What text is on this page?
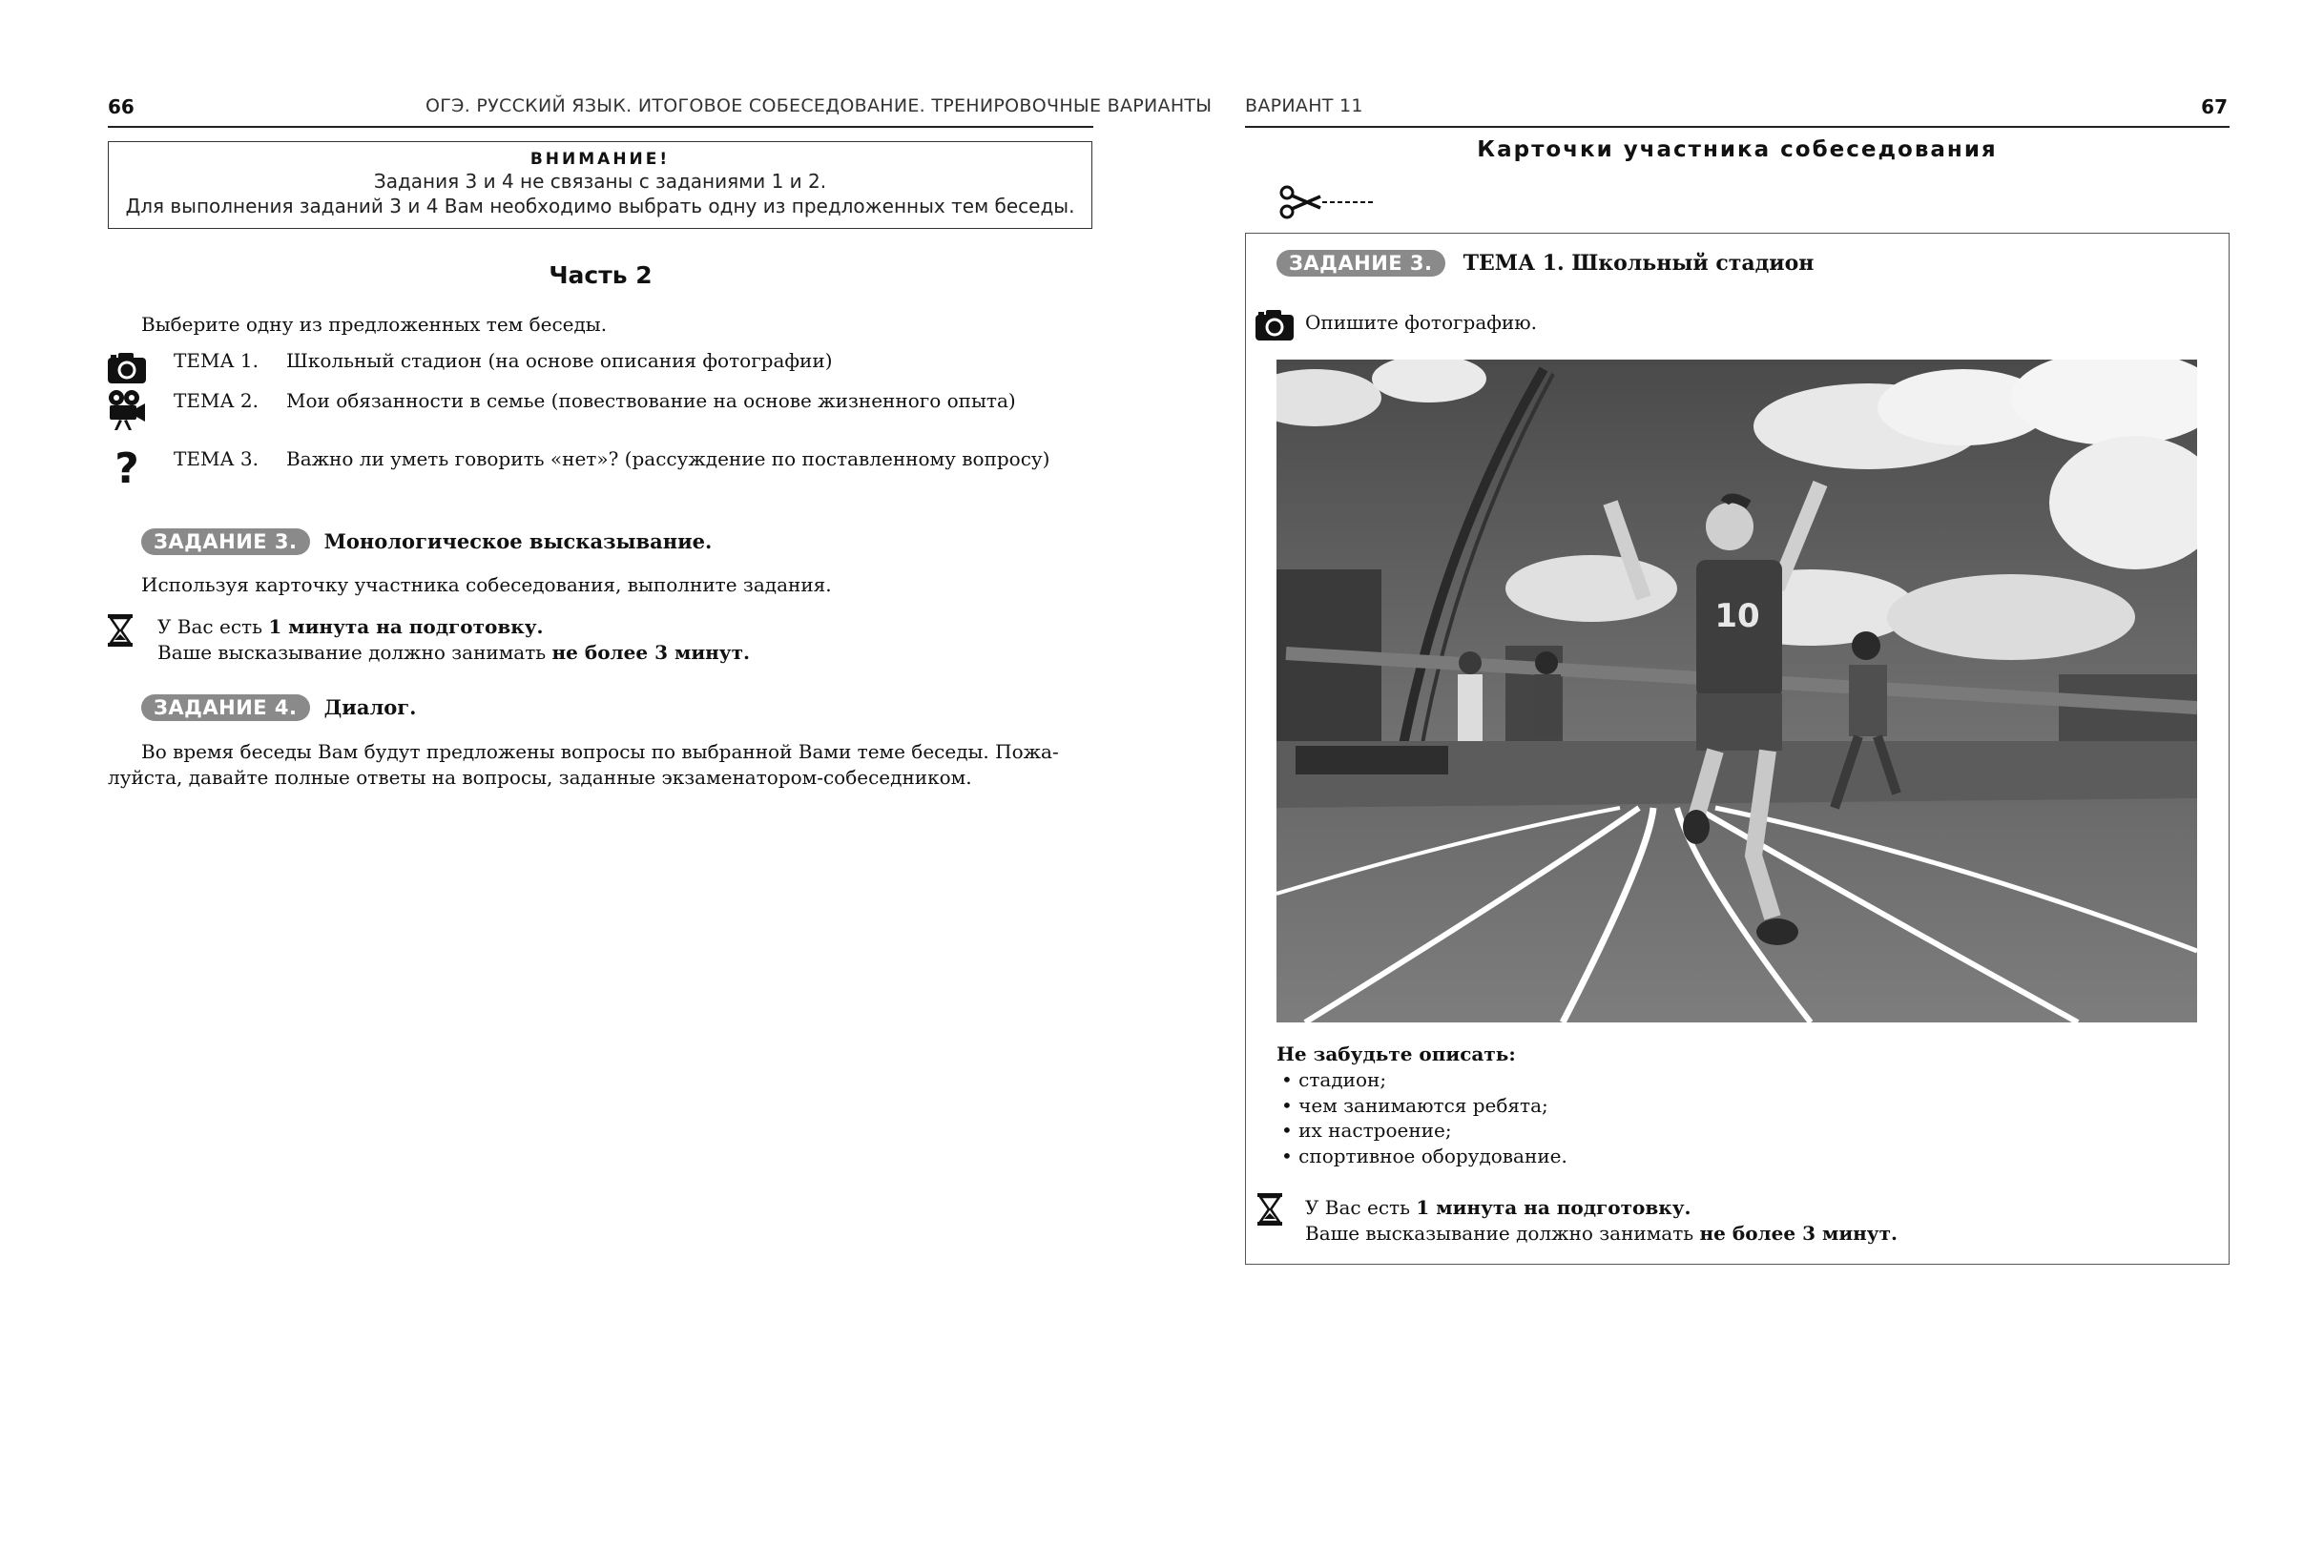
66	ОГЭ. РУССКИЙ ЯЗЫК. ИТОГОВОЕ СОБЕСЕДОВАНИЕ. ТРЕНИРОВОЧНЫЕ ВАРИАНТЫ
ВНИМАНИЕ!
Задания 3 и 4 не связаны с заданиями 1 и 2.
Для выполнения заданий 3 и 4 Вам необходимо выбрать одну из предложенных тем беседы.
Часть 2
Выберите одну из предложенных тем беседы.
ТЕМА 1. Школьный стадион (на основе описания фотографии)
ТЕМА 2. Мои обязанности в семье (повествование на основе жизненного опыта)
? ТЕМА 3. Важно ли уметь говорить «нет»? (рассуждение по поставленному вопросу)
ЗАДАНИЕ 3. Монологическое высказывание.
Используя карточку участника собеседования, выполните задания.
У Вас есть 1 минута на подготовку.
Ваше высказывание должно занимать не более 3 минут.
ЗАДАНИЕ 4. Диалог.
Во время беседы Вам будут предложены вопросы по выбранной Вами теме беседы. Пожа-
луйста, давайте полные ответы на вопросы, заданные экзаменатором-собеседником.
ВАРИАНТ 11	67
Карточки участника собеседования
ЗАДАНИЕ 3. ТЕМА 1. Школьный стадион
Опишите фотографию.
10
Не забудьте описать:
• стадион;
• чем занимаются ребята;
• их настроение;
• спортивное оборудование.
У Вас есть 1 минута на подготовку.
Ваше высказывание должно занимать не более 3 минут.
